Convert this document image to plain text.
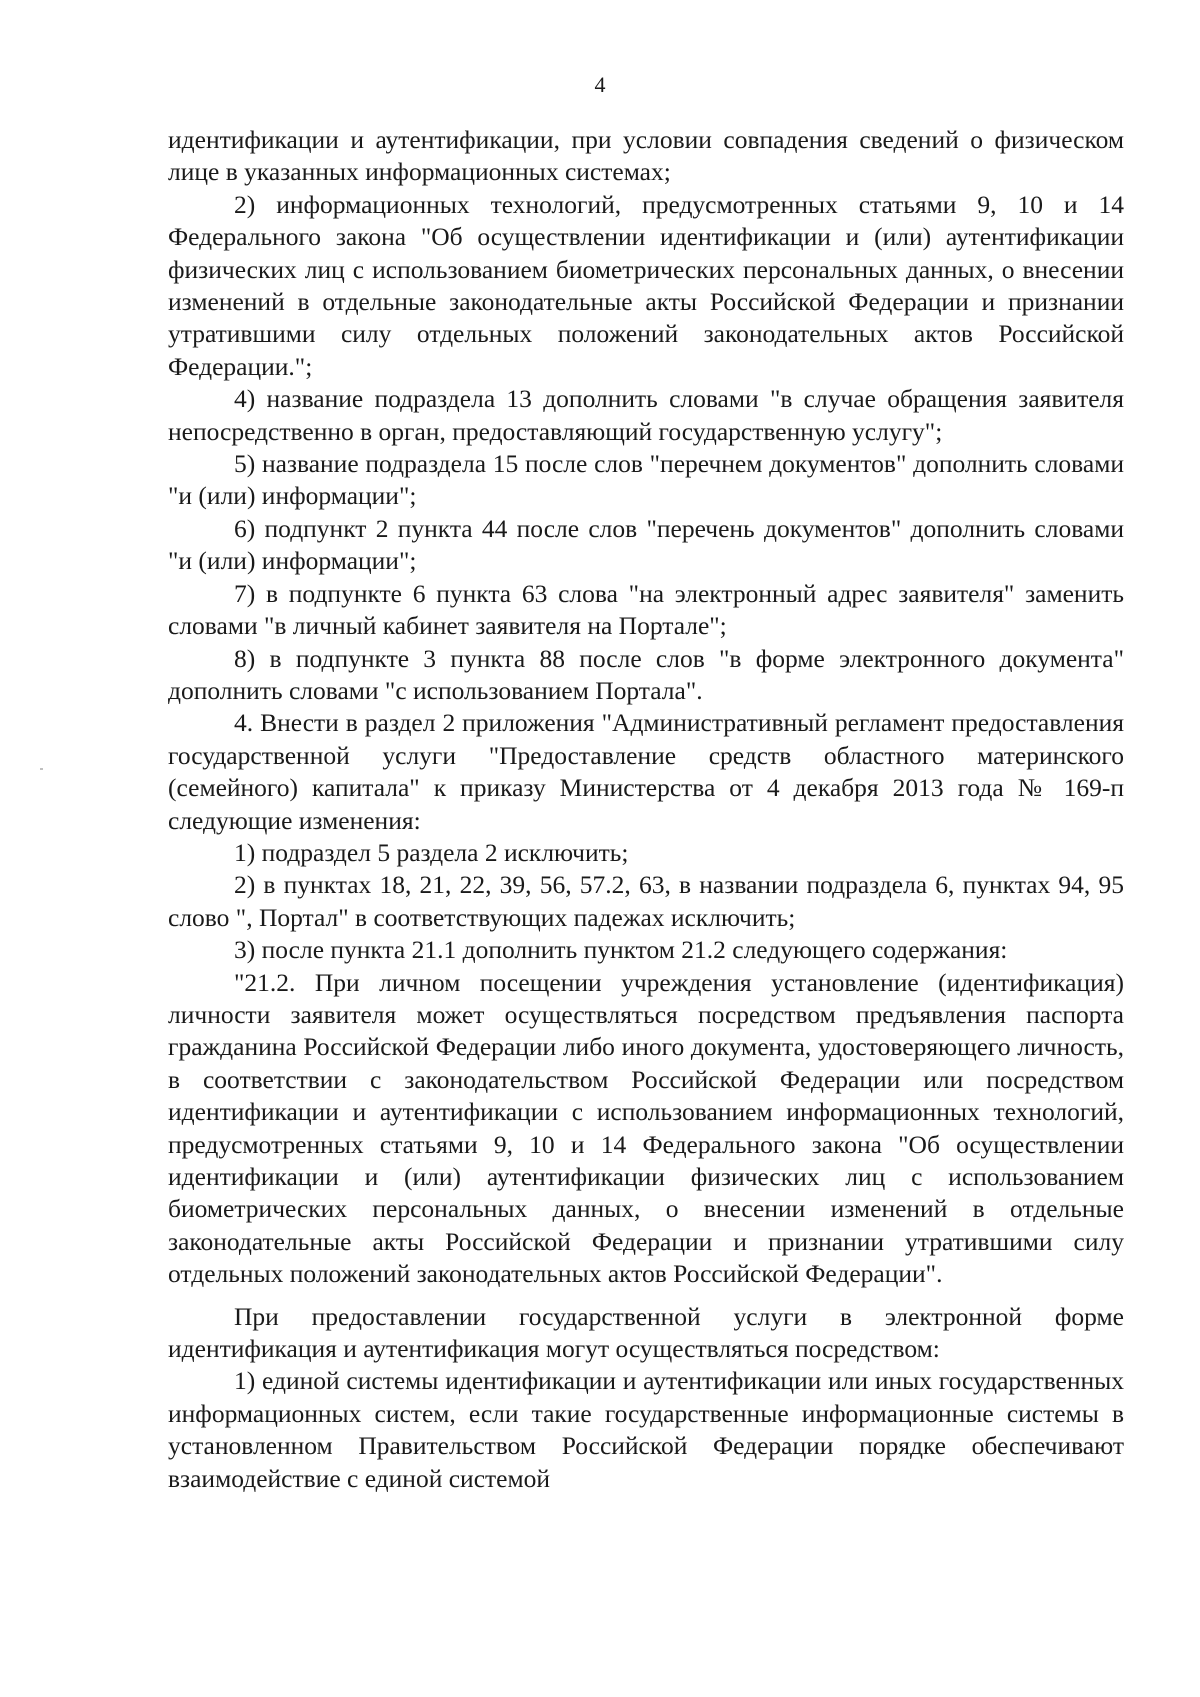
4

идентификации и аутентификации, при условии совпадения сведений о физическом лице в указанных информационных системах;

2) информационных технологий, предусмотренных статьями 9, 10 и 14 Федерального закона "Об осуществлении идентификации и (или) аутентификации физических лиц с использованием биометрических персональных данных, о внесении изменений в отдельные законодательные акты Российской Федерации и признании утратившими силу отдельных положений законодательных актов Российской Федерации.";

4) название подраздела 13 дополнить словами "в случае обращения заявителя непосредственно в орган, предоставляющий государственную услугу";

5) название подраздела 15 после слов "перечнем документов" дополнить словами "и (или) информации";

6) подпункт 2 пункта 44 после слов "перечень документов" дополнить словами "и (или) информации";

7) в подпункте 6 пункта 63 слова "на электронный адрес заявителя" заменить словами "в личный кабинет заявителя на Портале";

8) в подпункте 3 пункта 88 после слов "в форме электронного документа" дополнить словами "с использованием Портала".

4. Внести в раздел 2 приложения "Административный регламент предоставления государственной услуги "Предоставление средств областного материнского (семейного) капитала" к приказу Министерства от 4 декабря 2013 года № 169-п следующие изменения:

1) подраздел 5 раздела 2 исключить;

2) в пунктах 18, 21, 22, 39, 56, 57.2, 63, в названии подраздела 6, пунктах 94, 95 слово ", Портал" в соответствующих падежах исключить;

3) после пункта 21.1 дополнить пунктом 21.2 следующего содержания:

"21.2. При личном посещении учреждения установление (идентификация) личности заявителя может осуществляться посредством предъявления паспорта гражданина Российской Федерации либо иного документа, удостоверяющего личность, в соответствии с законодательством Российской Федерации или посредством идентификации и аутентификации с использованием информационных технологий, предусмотренных статьями 9, 10 и 14 Федерального закона "Об осуществлении идентификации и (или) аутентификации физических лиц с использованием биометрических персональных данных, о внесении изменений в отдельные законодательные акты Российской Федерации и признании утратившими силу отдельных положений законодательных актов Российской Федерации".

При предоставлении государственной услуги в электронной форме идентификация и аутентификация могут осуществляться посредством:

1) единой системы идентификации и аутентификации или иных государственных информационных систем, если такие государственные информационные системы в установленном Правительством Российской Федерации порядке обеспечивают взаимодействие с единой системой
